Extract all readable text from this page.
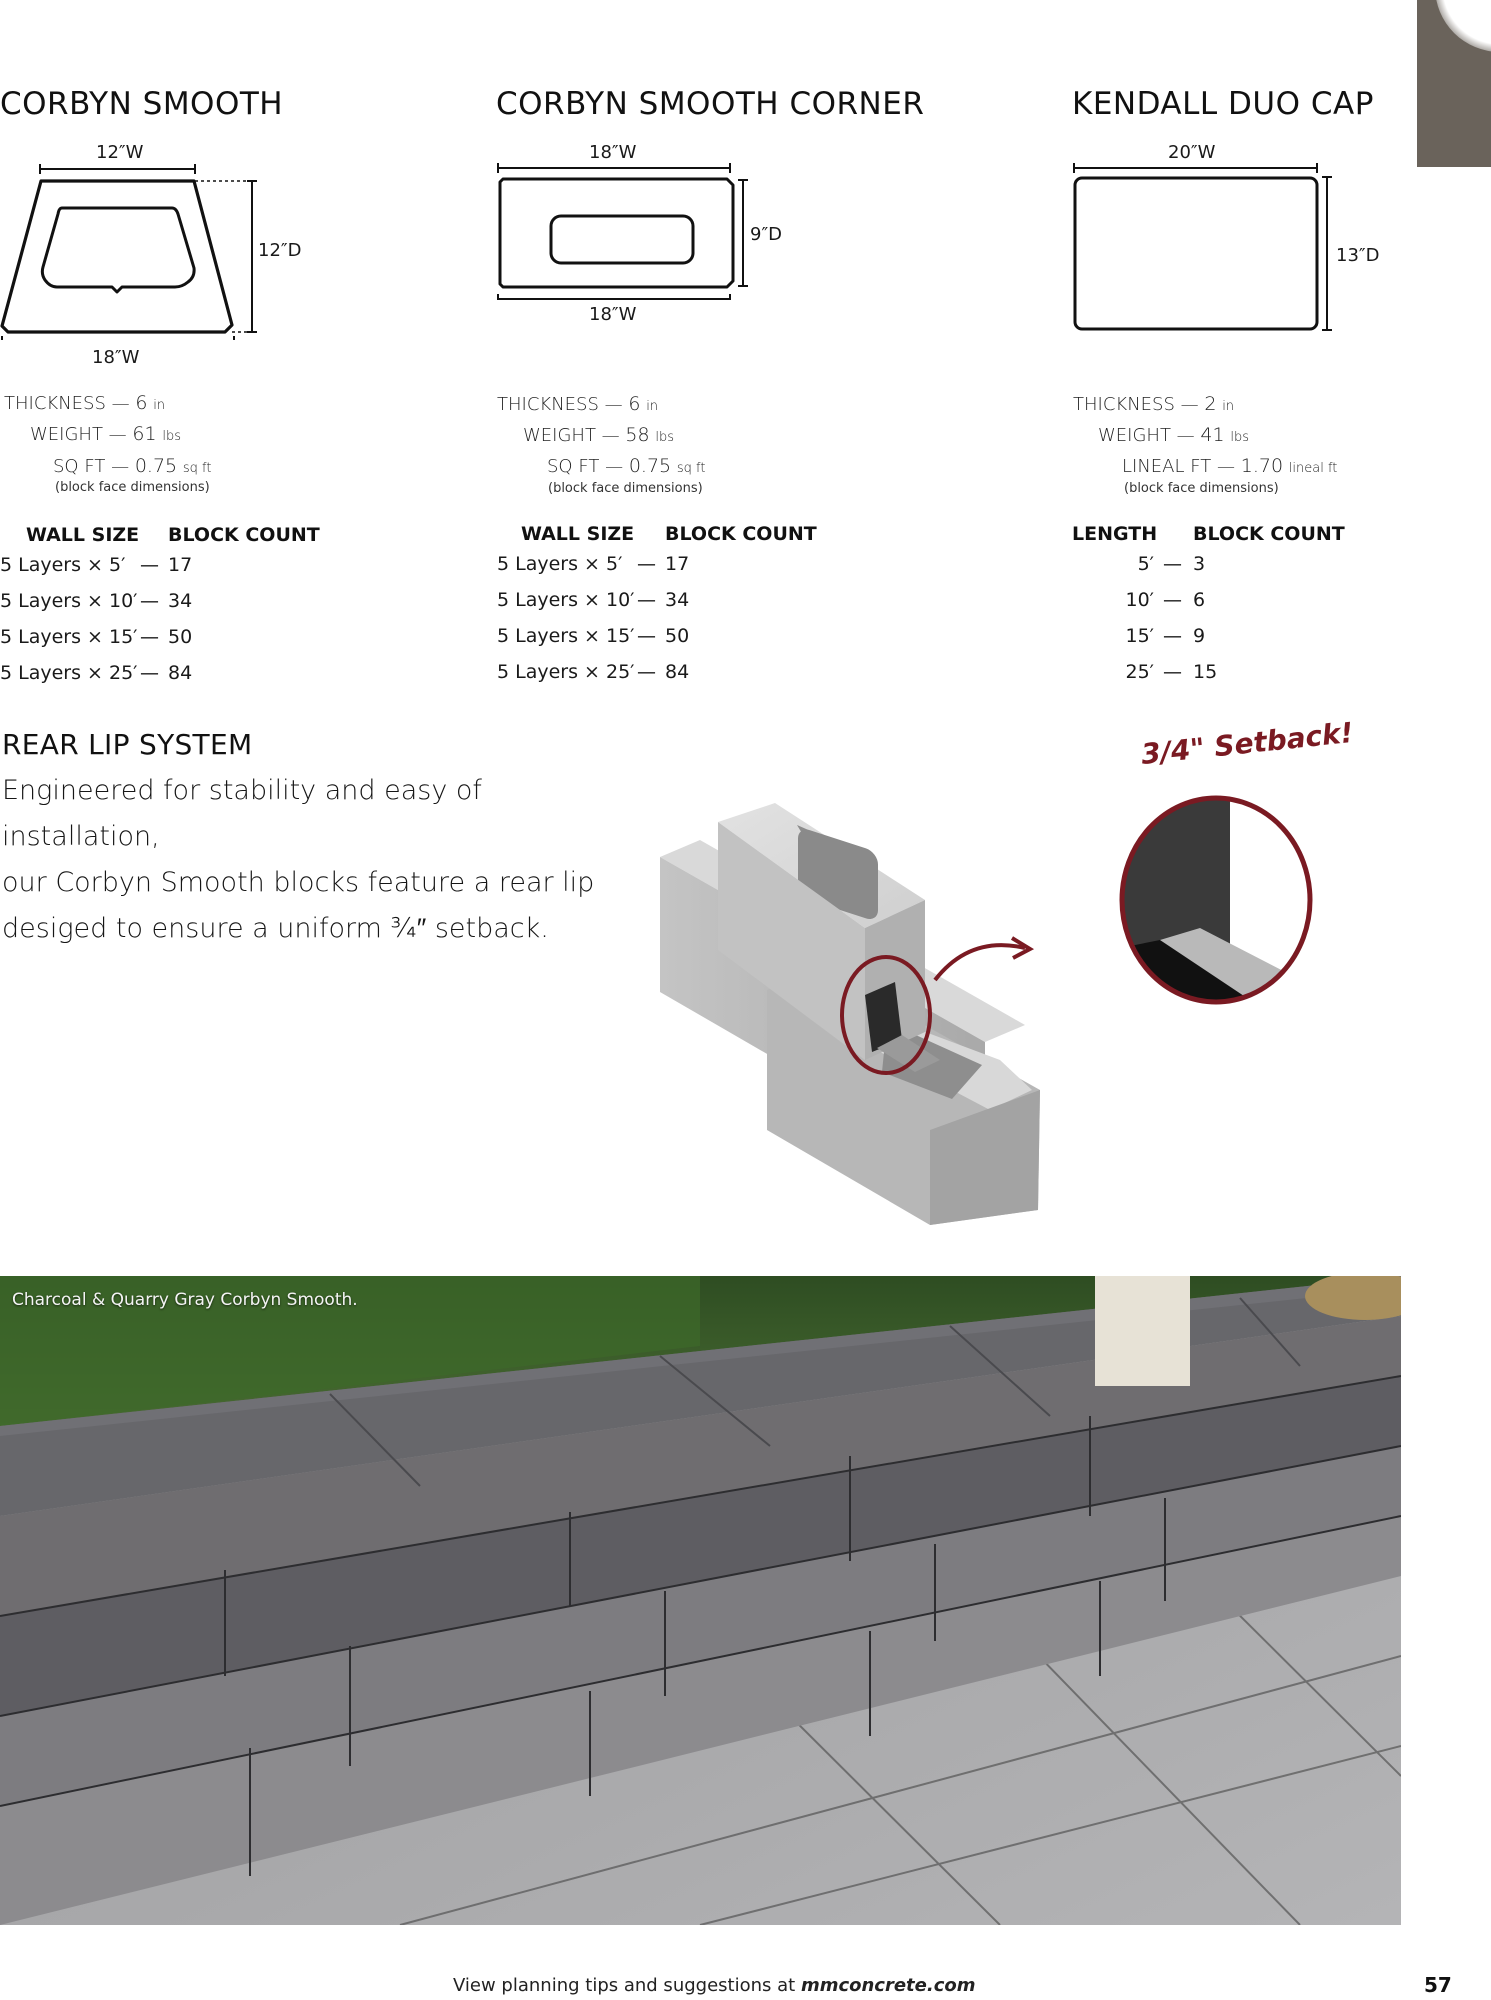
CORBYN SMOOTH
12″W
12″D
18″W
THICKNESS — 6 in
WEIGHT — 61 lbs
SQ FT — 0.75 sq ft
(block face dimensions)
WALL SIZE BLOCK COUNT
5 Layers × 5′ — 17
5 Layers × 10′ — 34
5 Layers × 15′ — 50
5 Layers × 25′ — 84
CORBYN SMOOTH CORNER
18″W
9″D
18″W
THICKNESS — 6 in
WEIGHT — 58 lbs
SQ FT — 0.75 sq ft
(block face dimensions)
WALL SIZE BLOCK COUNT
5 Layers × 5′ — 17
5 Layers × 10′ — 34
5 Layers × 15′ — 50
5 Layers × 25′ — 84
KENDALL DUO CAP
20″W
13″D
THICKNESS — 2 in
WEIGHT — 41 lbs
LINEAL FT — 1.70 lineal ft
(block face dimensions)
LENGTH BLOCK COUNT
5′ — 3
10′ — 6
15′ — 9
25′ — 15
REAR LIP SYSTEM
Engineered for stability and easy of installation,
our Corbyn Smooth blocks feature a rear lip
desiged to ensure a uniform ¾″ setback.
3/4" Setback!
Charcoal & Quarry Gray Corbyn Smooth.
View planning tips and suggestions at mmconcrete.com	57
